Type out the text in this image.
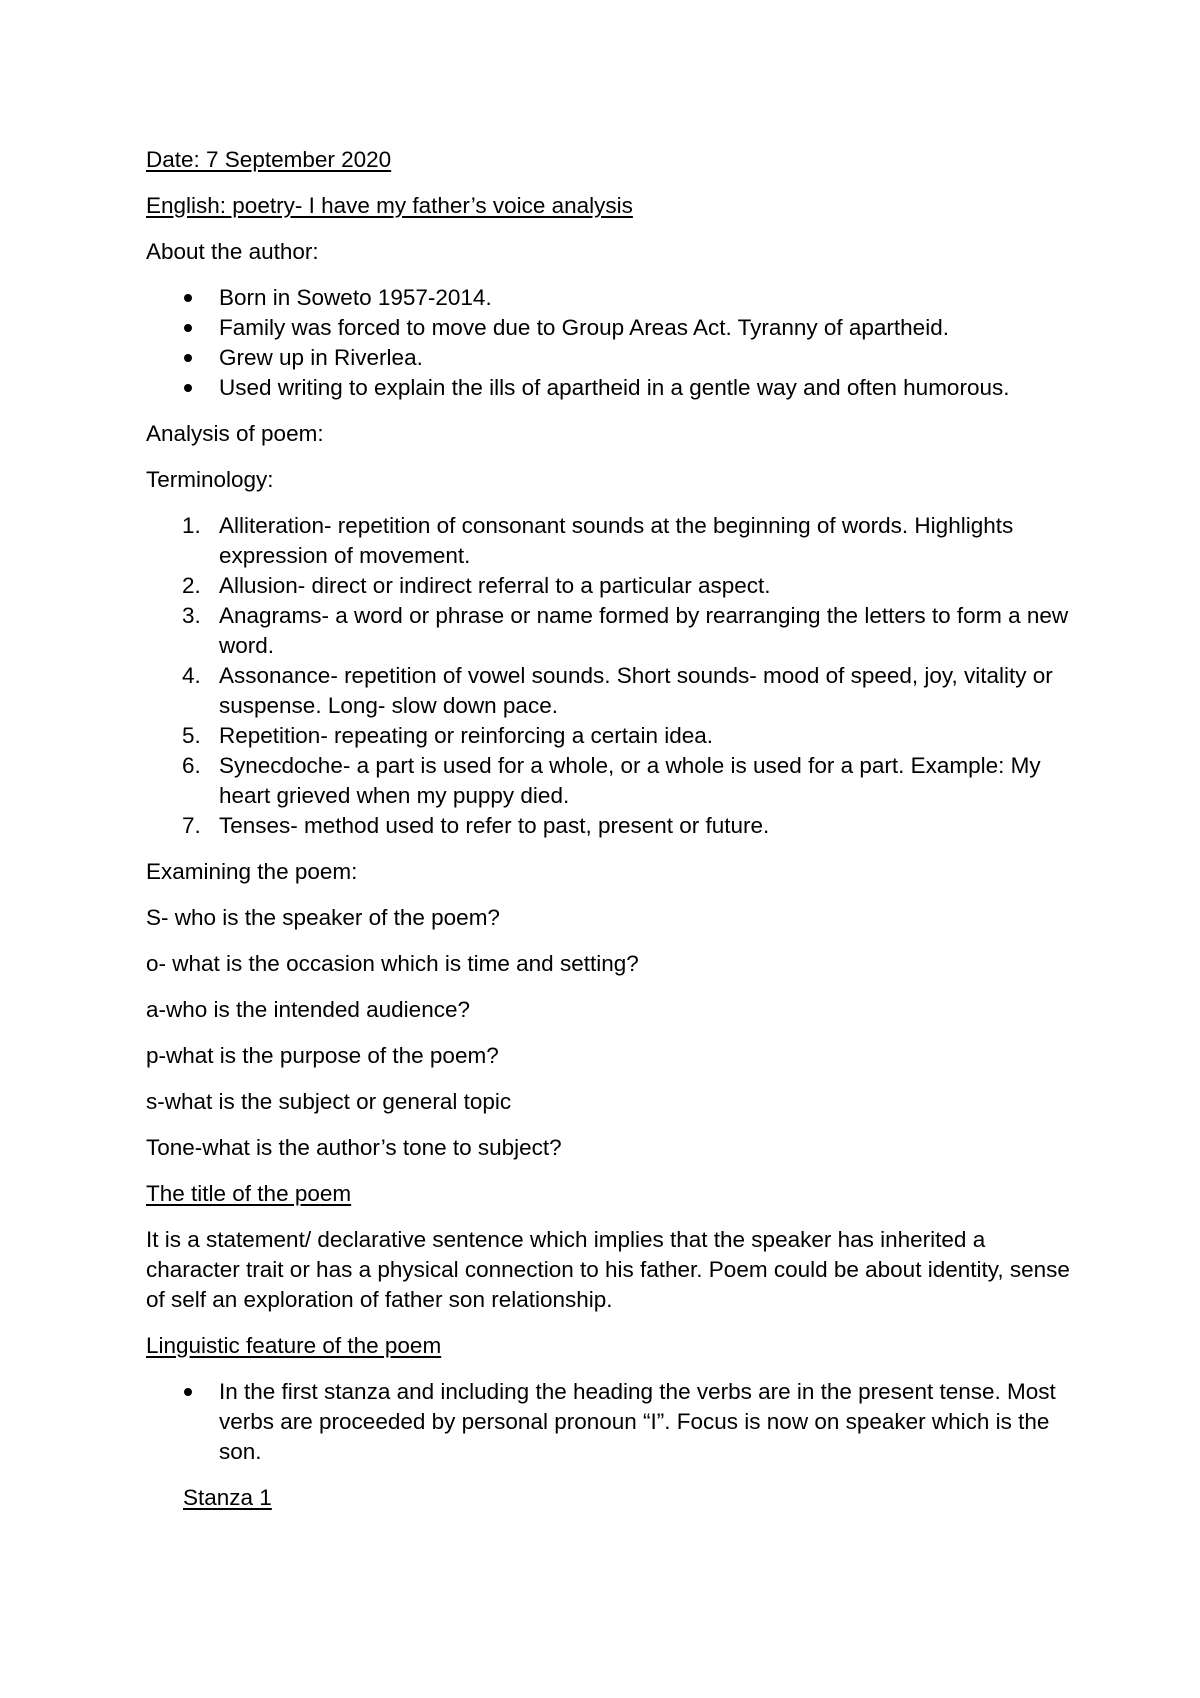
Date: 7 September 2020

English: poetry- I have my father’s voice analysis

About the author:

Born in Soweto 1957-2014.
Family was forced to move due to Group Areas Act. Tyranny of apartheid.
Grew up in Riverlea.
Used writing to explain the ills of apartheid in a gentle way and often humorous.

Analysis of poem:

Terminology:

1. Alliteration- repetition of consonant sounds at the beginning of words. Highlights expression of movement.
2. Allusion- direct or indirect referral to a particular aspect.
3. Anagrams- a word or phrase or name formed by rearranging the letters to form a new word.
4. Assonance- repetition of vowel sounds. Short sounds- mood of speed, joy, vitality or suspense. Long- slow down pace.
5. Repetition- repeating or reinforcing a certain idea.
6. Synecdoche- a part is used for a whole, or a whole is used for a part. Example: My heart grieved when my puppy died.
7. Tenses- method used to refer to past, present or future.

Examining the poem:

S- who is the speaker of the poem?

o- what is the occasion which is time and setting?

a-who is the intended audience?

p-what is the purpose of the poem?

s-what is the subject or general topic

Tone-what is the author’s tone to subject?

The title of the poem

It is a statement/ declarative sentence which implies that the speaker has inherited a character trait or has a physical connection to his father. Poem could be about identity, sense of self an exploration of father son relationship.

Linguistic feature of the poem

In the first stanza and including the heading the verbs are in the present tense. Most verbs are proceeded by personal pronoun “I”. Focus is now on speaker which is the son.

Stanza 1
